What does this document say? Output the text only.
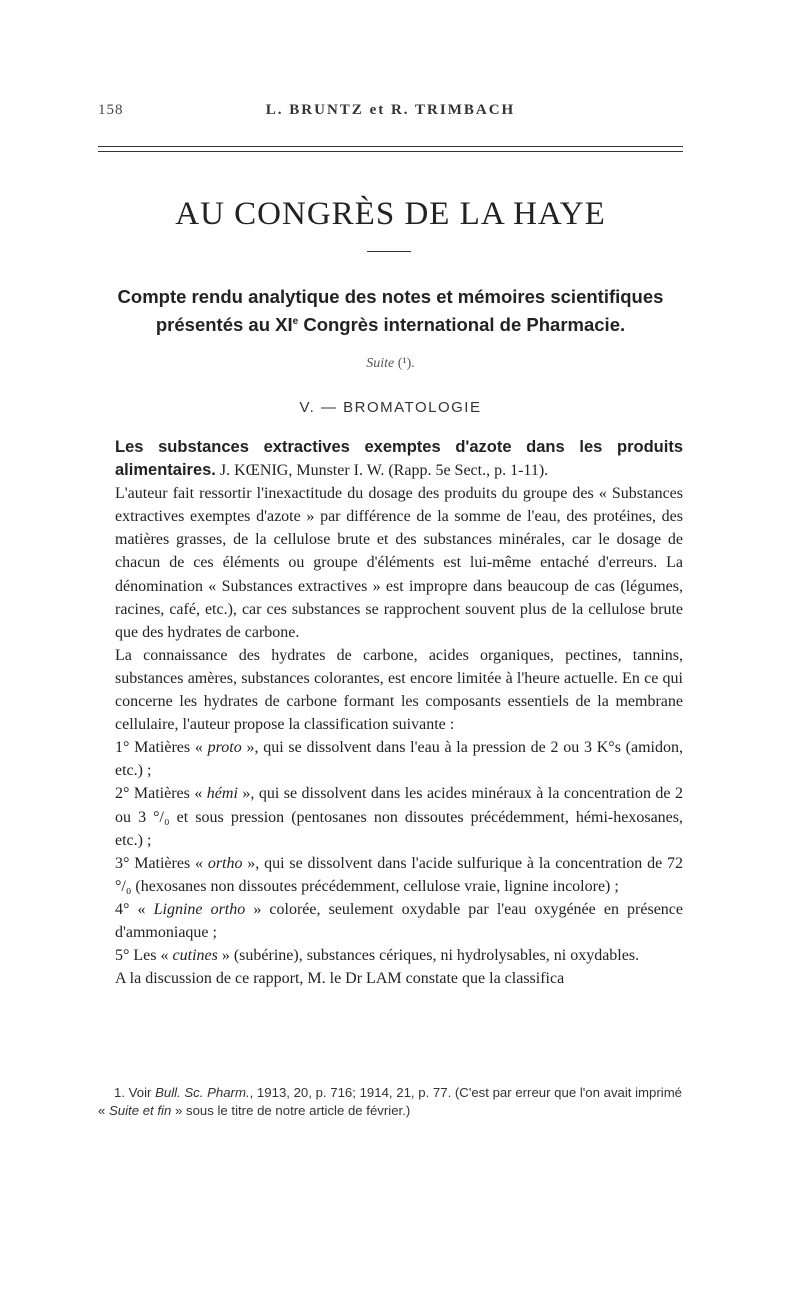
158	L. BRUNTZ et R. TRIMBACH
AU CONGRÈS DE LA HAYE
Compte rendu analytique des notes et mémoires scientifiques
présentés au XIe Congrès international de Pharmacie.
Suite (¹).
V. — BROMATOLOGIE

Les substances extractives exemptes d'azote dans les produits alimentaires. J. KŒNIG, Munster I. W. (Rapp. 5e Sect., p. 1-11).

L'auteur fait ressortir l'inexactitude du dosage des produits du groupe des « Substances extractives exemptes d'azote » par différence de la somme de l'eau, des protéines, des matières grasses, de la cellulose brute et des substances minérales, car le dosage de chacun de ces éléments ou groupe d'éléments est lui-même entaché d'erreurs. La dénomination « Substances extractives » est impropre dans beaucoup de cas (légumes, racines, café, etc.), car ces substances se rapprochent souvent plus de la cellulose brute que des hydrates de carbone.

La connaissance des hydrates de carbone, acides organiques, pectines, tannins, substances amères, substances colorantes, est encore limitée à l'heure actuelle. En ce qui concerne les hydrates de carbone formant les composants essentiels de la membrane cellulaire, l'auteur propose la classification suivante :

1° Matières « proto », qui se dissolvent dans l'eau à la pression de 2 ou 3 K°s (amidon, etc.) ;

2° Matières « hémi », qui se dissolvent dans les acides minéraux à la concentration de 2 ou 3 °/₀ et sous pression (pentosanes non dissoutes précédemment, hémi-hexosanes, etc.) ;

3° Matières « ortho », qui se dissolvent dans l'acide sulfurique à la concentration de 72 °/₀ (hexosanes non dissoutes précédemment, cellulose vraie, lignine incolore) ;

4° « Lignine ortho » colorée, seulement oxydable par l'eau oxygénée en présence d'ammoniaque ;

5° Les « cutines » (subérine), substances cériques, ni hydrolysables, ni oxydables.

A la discussion de ce rapport, M. le Dr LAM constate que la classifica

1. Voir Bull. Sc. Pharm., 1913, 20, p. 716; 1914, 21, p. 77. (C'est par erreur que l'on avait imprimé « Suite et fin » sous le titre de notre article de février.)
